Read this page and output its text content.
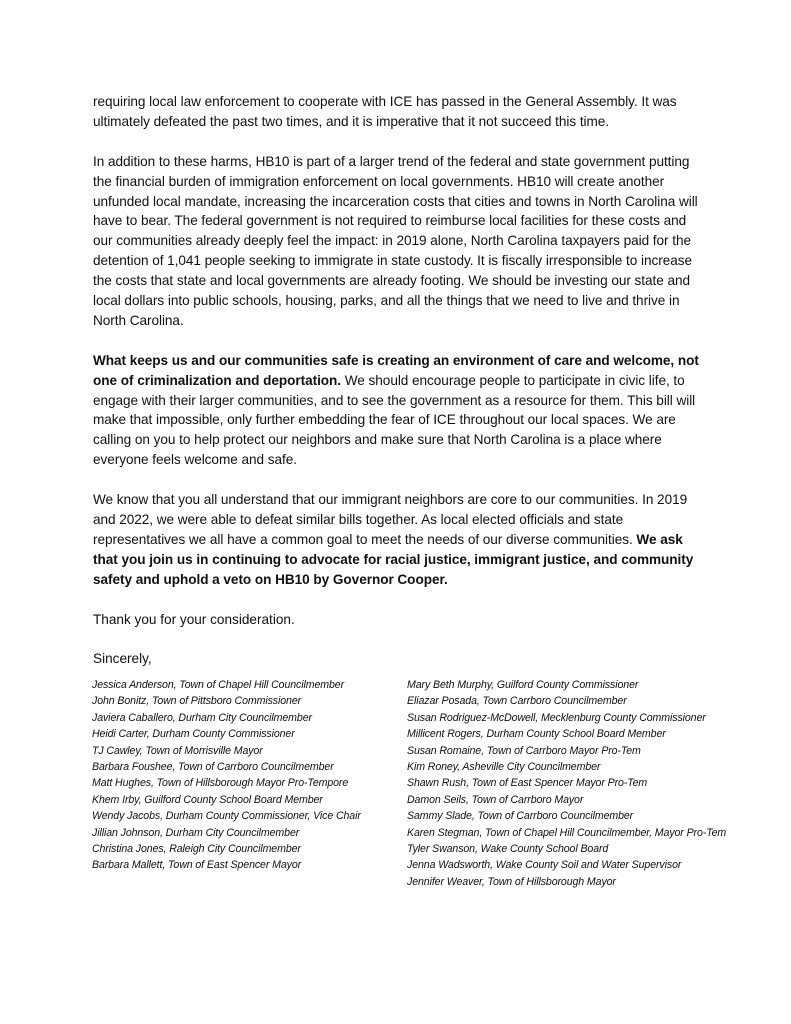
requiring local law enforcement to cooperate with ICE has passed in the General Assembly. It was ultimately defeated the past two times, and it is imperative that it not succeed this time.

In addition to these harms, HB10 is part of a larger trend of the federal and state government putting the financial burden of immigration enforcement on local governments. HB10 will create another unfunded local mandate, increasing the incarceration costs that cities and towns in North Carolina will have to bear. The federal government is not required to reimburse local facilities for these costs and our communities already deeply feel the impact: in 2019 alone, North Carolina taxpayers paid for the detention of 1,041 people seeking to immigrate in state custody. It is fiscally irresponsible to increase the costs that state and local governments are already footing. We should be investing our state and local dollars into public schools, housing, parks, and all the things that we need to live and thrive in North Carolina.

What keeps us and our communities safe is creating an environment of care and welcome, not one of criminalization and deportation. We should encourage people to participate in civic life, to engage with their larger communities, and to see the government as a resource for them. This bill will make that impossible, only further embedding the fear of ICE throughout our local spaces. We are calling on you to help protect our neighbors and make sure that North Carolina is a place where everyone feels welcome and safe.

We know that you all understand that our immigrant neighbors are core to our communities. In 2019 and 2022, we were able to defeat similar bills together. As local elected officials and state representatives we all have a common goal to meet the needs of our diverse communities. We ask that you join us in continuing to advocate for racial justice, immigrant justice, and community safety and uphold a veto on HB10 by Governor Cooper.

Thank you for your consideration.

Sincerely,

Jessica Anderson, Town of Chapel Hill Councilmember
John Bonitz, Town of Pittsboro Commissioner
Javiera Caballero, Durham City Councilmember
Heidi Carter, Durham County Commissioner
TJ Cawley, Town of Morrisville Mayor
Barbara Foushee, Town of Carrboro Councilmember
Matt Hughes, Town of Hillsborough Mayor Pro-Tempore
Khem Irby, Guilford County School Board Member
Wendy Jacobs, Durham County Commissioner, Vice Chair
Jillian Johnson, Durham City Councilmember
Christina Jones, Raleigh City Councilmember
Barbara Mallett, Town of East Spencer Mayor
Mary Beth Murphy, Guilford County Commissioner
Eliazar Posada, Town Carrboro Councilmember
Susan Rodriguez-McDowell, Mecklenburg County Commissioner
Millicent Rogers, Durham County School Board Member
Susan Romaine, Town of Carrboro Mayor Pro-Tem
Kim Roney, Asheville City Councilmember
Shawn Rush, Town of East Spencer Mayor Pro-Tem
Damon Seils, Town of Carrboro Mayor
Sammy Slade, Town of Carrboro Councilmember
Karen Stegman, Town of Chapel Hill Councilmember, Mayor Pro-Tem
Tyler Swanson, Wake County School Board
Jenna Wadsworth, Wake County Soil and Water Supervisor
Jennifer Weaver, Town of Hillsborough Mayor
